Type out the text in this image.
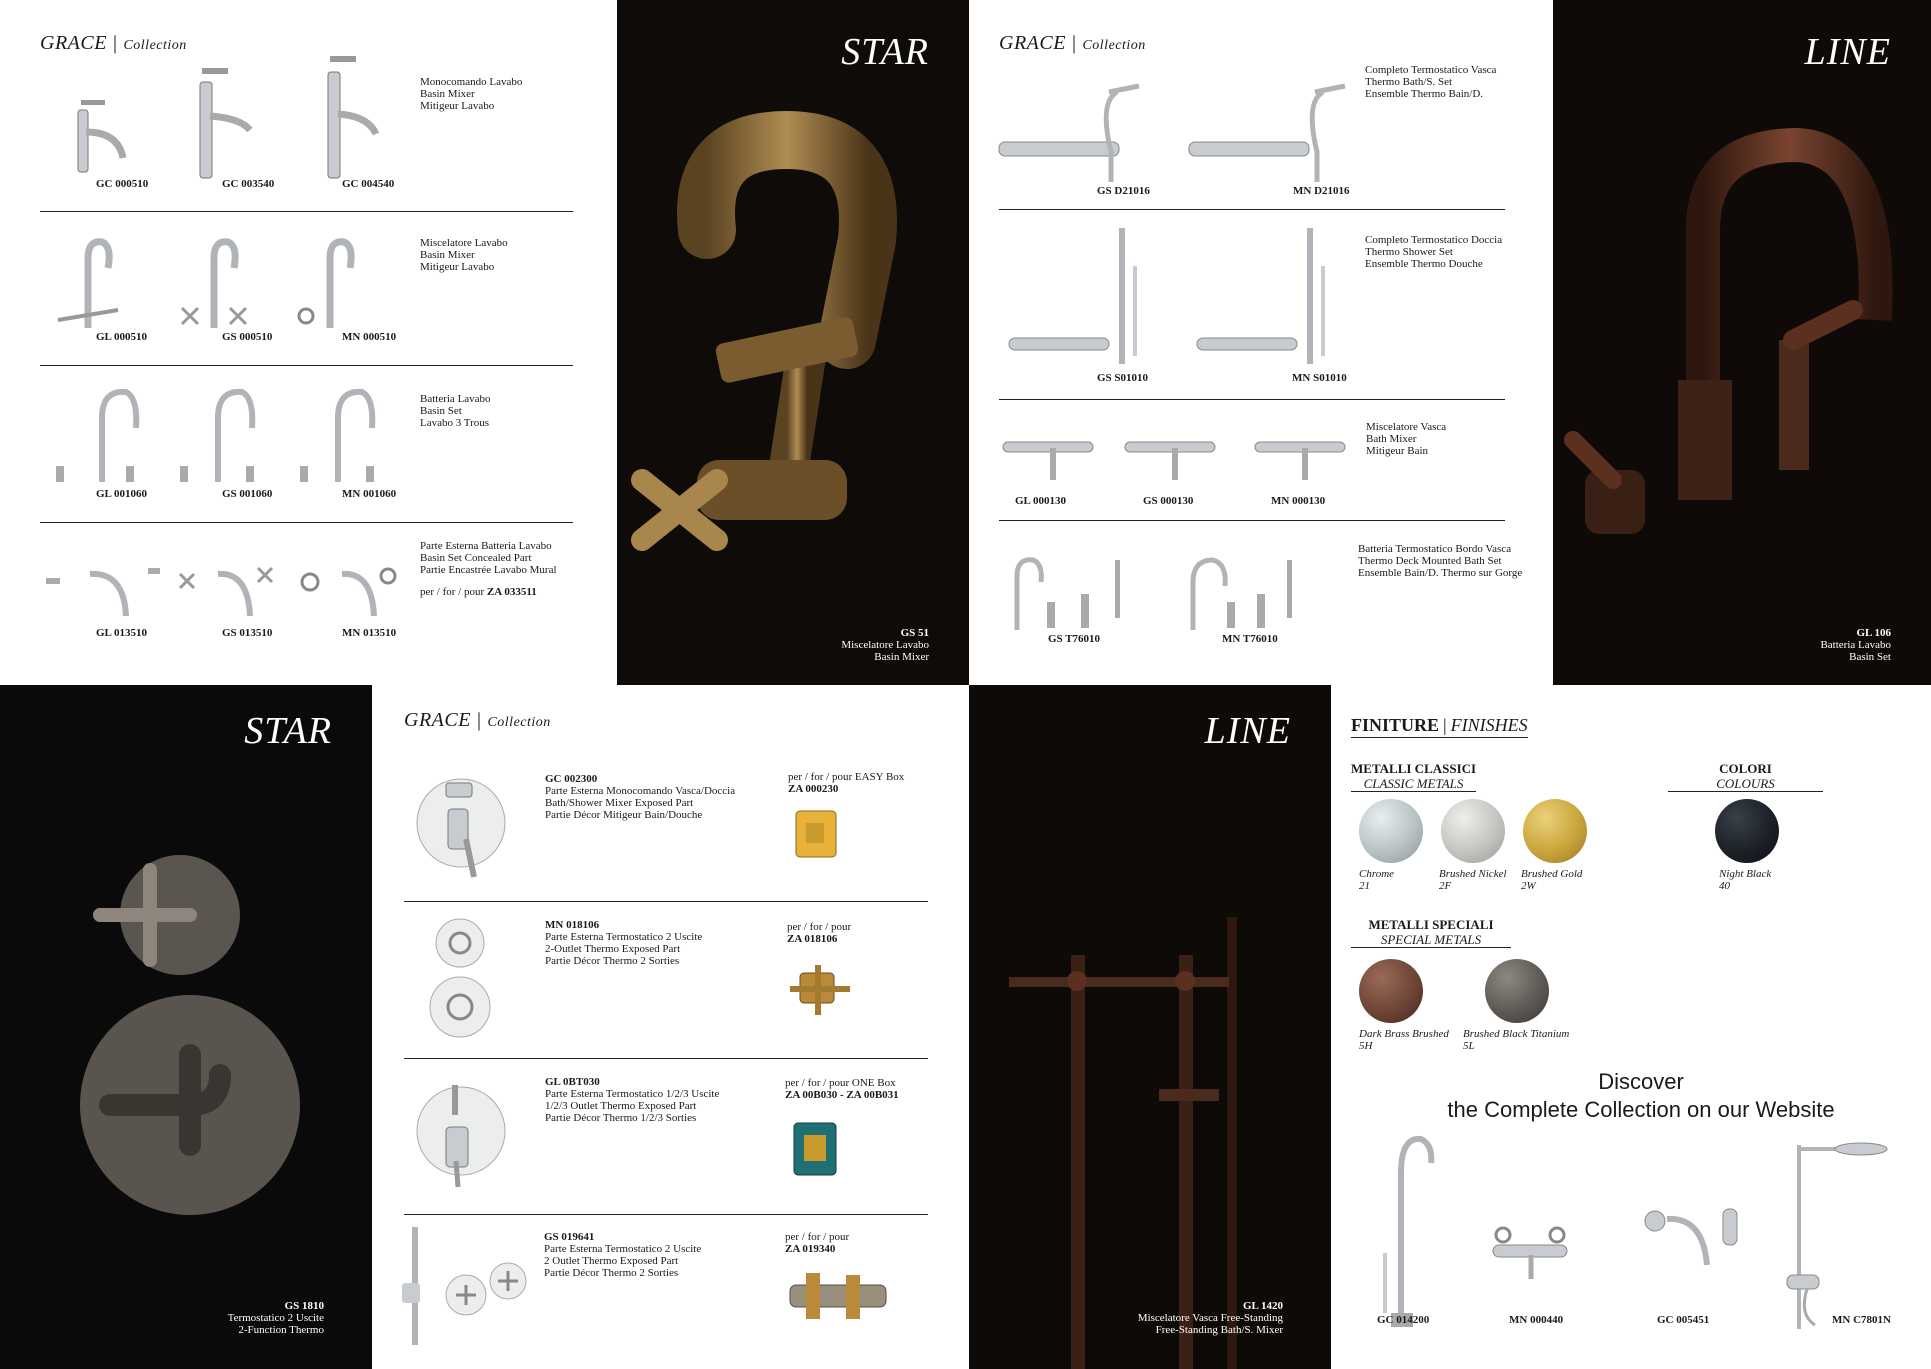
GRACE | Collection
GC 000510	GC 003540	GC 004540
Monocomando Lavabo
Basin Mixer
Mitigeur Lavabo
GL 000510	GS 000510	MN 000510
Miscelatore Lavabo
Basin Mixer
Mitigeur Lavabo
GL 001060	GS 001060	MN 001060
Batteria Lavabo
Basin Set
Lavabo 3 Trous
GL 013510	GS 013510	MN 013510
Parte Esterna Batteria Lavabo
Basin Set Concealed Part
Partie Encastrée Lavabo Mural
per / for / pour ZA 033511
STAR
GS 51
Miscelatore Lavabo
Basin Mixer
GRACE | Collection
GS D21016	MN D21016
Completo Termostatico Vasca
Thermo Bath/S. Set
Ensemble Thermo Bain/D.
GS S01010	MN S01010
Completo Termostatico Doccia
Thermo Shower Set
Ensemble Thermo Douche
GL 000130	GS 000130	MN 000130
Miscelatore Vasca
Bath Mixer
Mitigeur Bain
GS T76010	MN T76010
Batteria Termostatico Bordo Vasca
Thermo Deck Mounted Bath Set
Ensemble Bain/D. Thermo sur Gorge
LINE
GL 106
Batteria Lavabo
Basin Set
STAR
GS 1810
Termostatico 2 Uscite
2-Function Thermo
GRACE | Collection
GC 002300
Parte Esterna Monocomando Vasca/Doccia
Bath/Shower Mixer Exposed Part
Partie Décor Mitigeur Bain/Douche
per / for / pour EASY Box
ZA 000230
MN 018106
Parte Esterna Termostatico 2 Uscite
2-Outlet Thermo Exposed Part
Partie Décor Thermo 2 Sorties
per / for / pour
ZA 018106
GL 0BT030
Parte Esterna Termostatico 1/2/3 Uscite
1/2/3 Outlet Thermo Exposed Part
Partie Décor Thermo 1/2/3 Sorties
per / for / pour ONE Box
ZA 00B030 - ZA 00B031
GS 019641
Parte Esterna Termostatico 2 Uscite
2 Outlet Thermo Exposed Part
Partie Décor Thermo 2 Sorties
per / for / pour
ZA 019340
LINE
GL 1420
Miscelatore Vasca Free-Standing
Free-Standing Bath/S. Mixer
FINITURE | FINISHES
METALLI CLASSICI
CLASSIC METALS
COLORI
COLOURS
Chrome
21
Brushed Nickel
2F
Brushed Gold
2W
Night Black
40
METALLI SPECIALI
SPECIAL METALS
Dark Brass Brushed
5H
Brushed Black Titanium
5L
Discover
the Complete Collection on our Website
GC 014200	MN 000440	GC 005451	MN C7801N
